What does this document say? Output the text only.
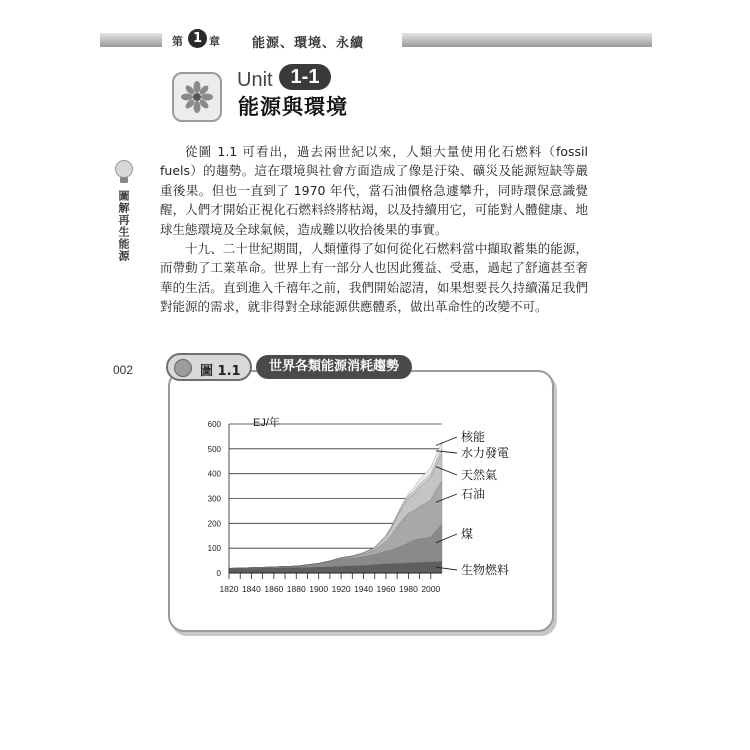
第 1 章 能源、環境、永續
Unit 1-1
能源與環境
圖解再生能源
002

從圖 1.1 可看出，過去兩世紀以來，人類大量使用化石燃料（fossil fuels）的趨勢。這在環境與社會方面造成了像是汙染、礦災及能源短缺等嚴重後果。但也一直到了 1970 年代，當石油價格急遽攀升，同時環保意識覺醒，人們才開始正視化石燃料終將枯竭，以及持續用它，可能對人體健康、地球生態環境及全球氣候，造成難以收拾後果的事實。

十九、二十世紀期間，人類懂得了如何從化石燃料當中擷取蓄集的能源，而帶動了工業革命。世界上有一部分人也因此獲益、受惠，過起了舒適甚至奢華的生活。直到進入千禧年之前，我們開始認清，如果想要長久持續滿足我們對能源的需求，就非得對全球能源供應體系，做出革命性的改變不可。

圖 1.1	世界各類能源消耗趨勢
0
100
200
300
400
500
600
1820 1840 1860 1880 1900 1920 1940 1960 1980 2000
EJ/年
生物燃料
煤
石油
天然氣
水力發電
核能
